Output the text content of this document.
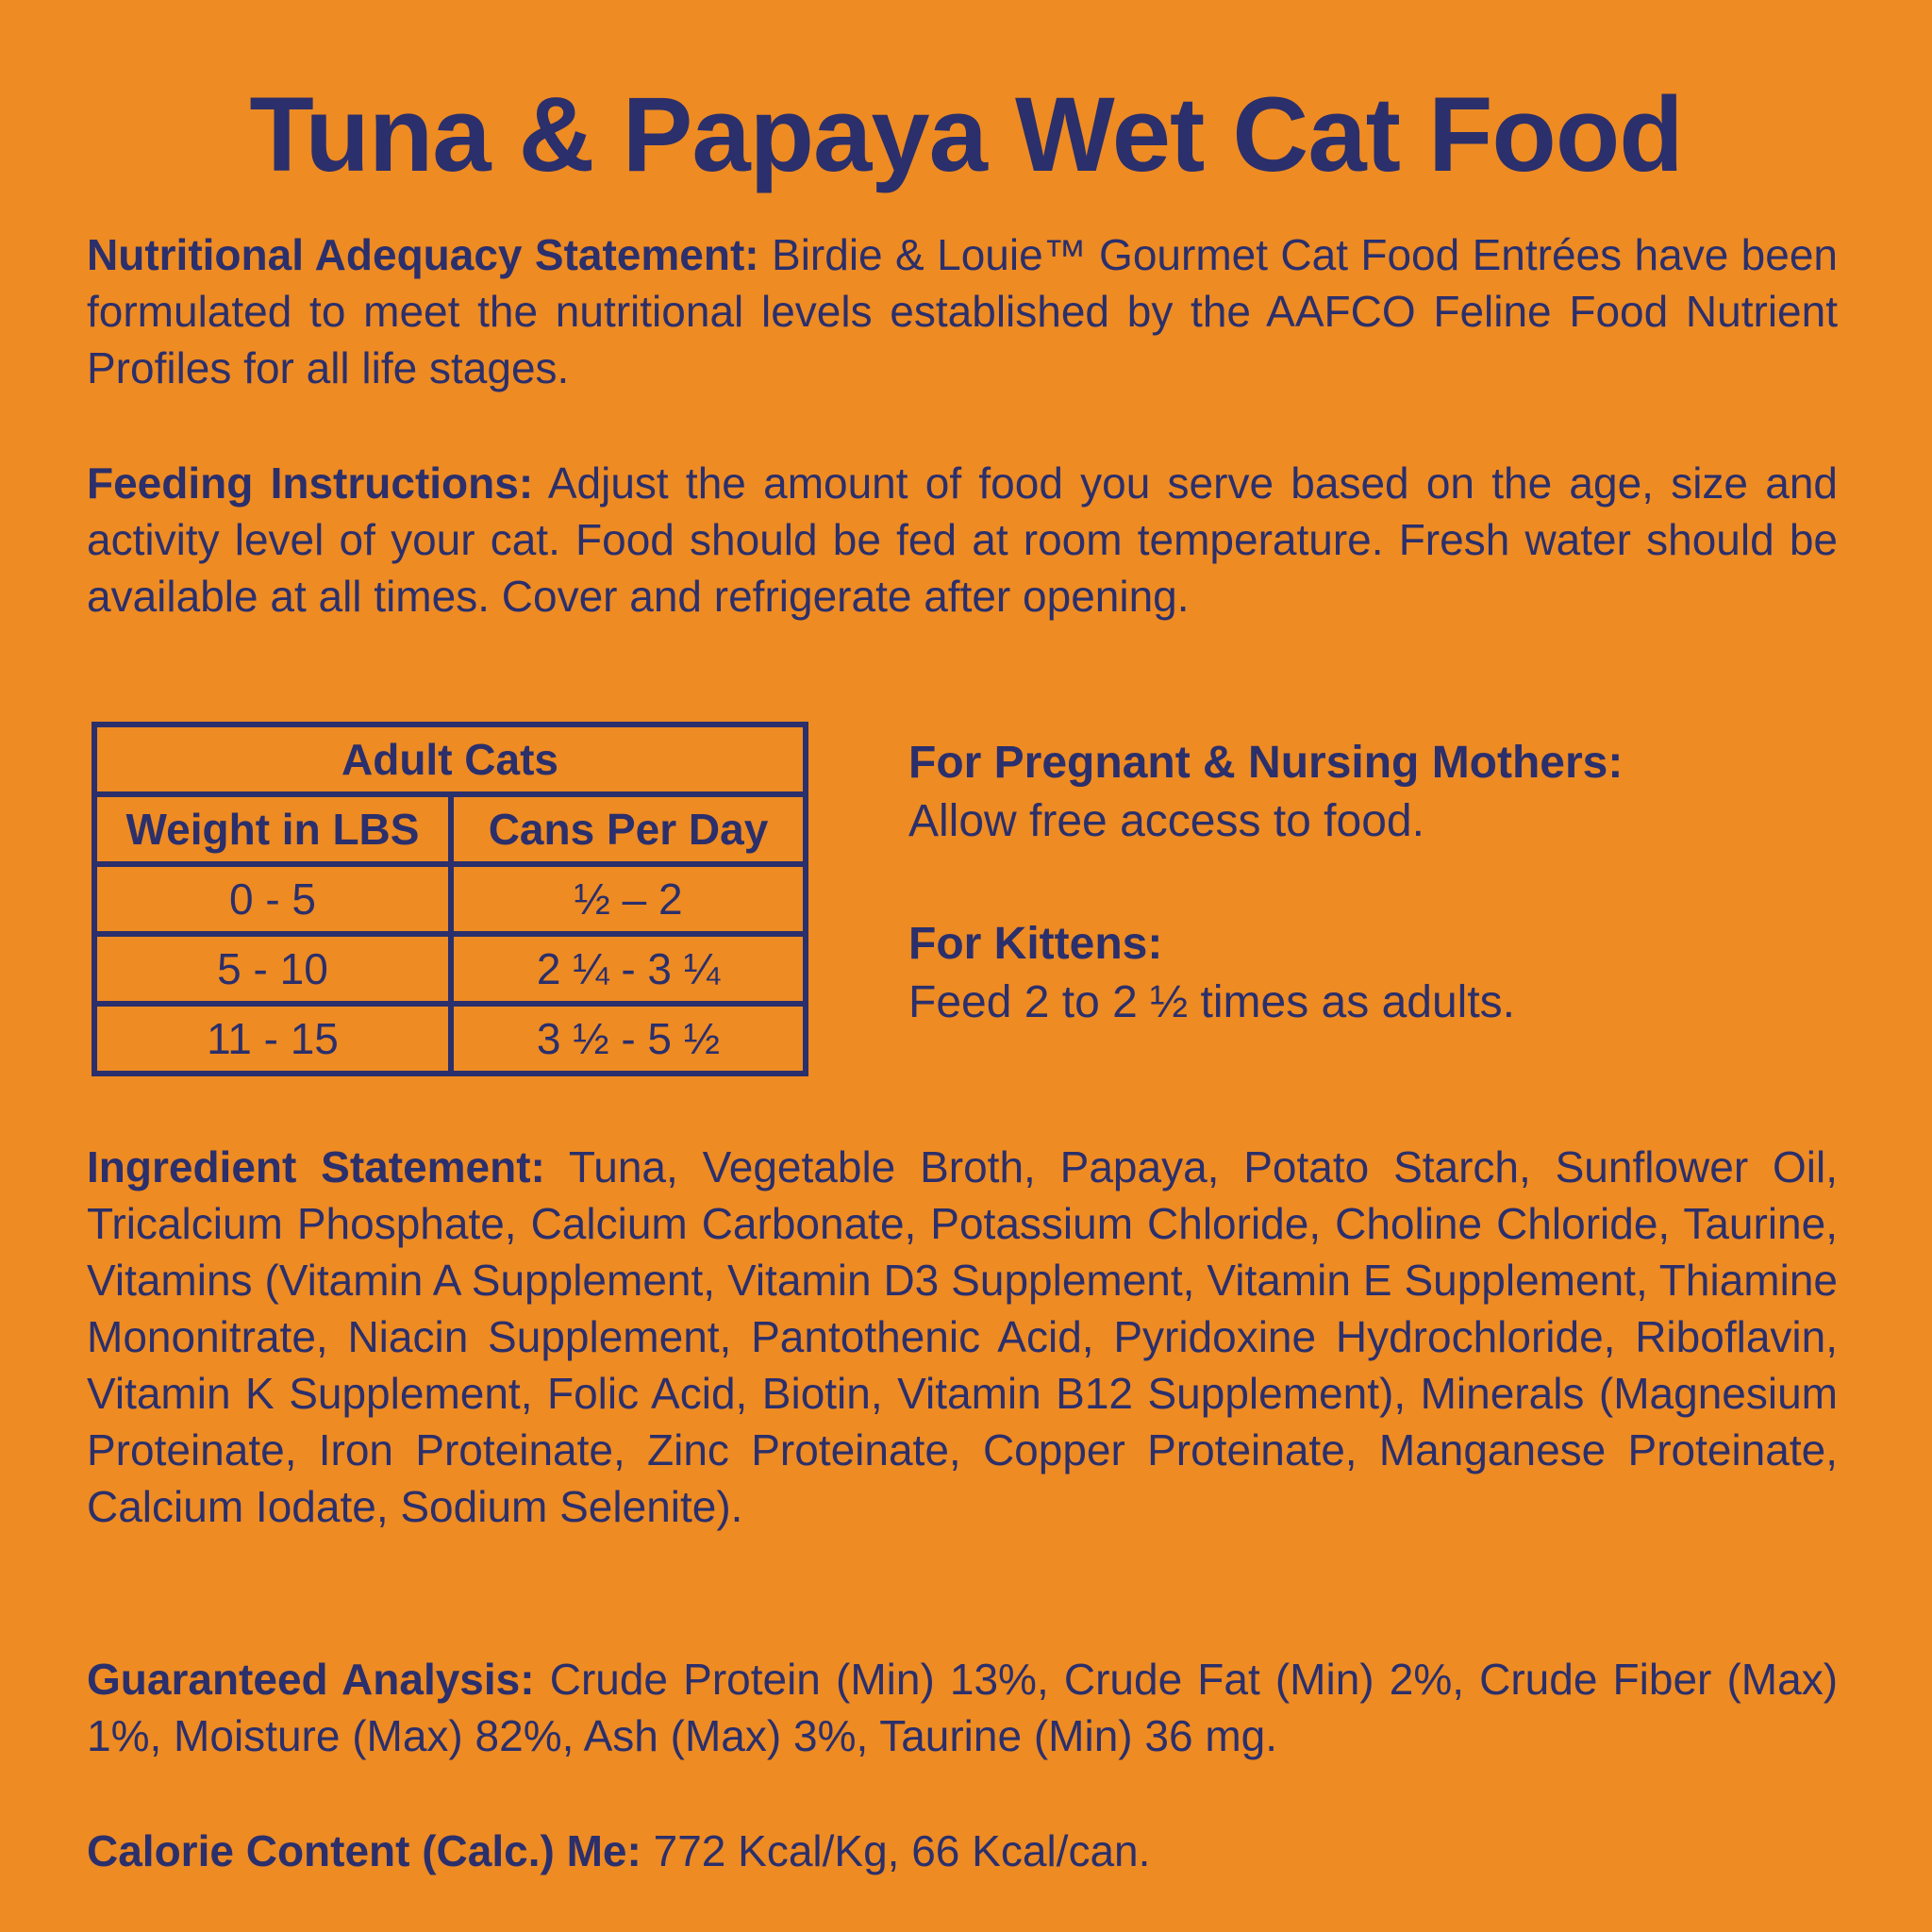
Tuna & Papaya Wet Cat Food

Nutritional Adequacy Statement: Birdie & Louie™ Gourmet Cat Food Entrées have been formulated to meet the nutritional levels established by the AAFCO Feline Food Nutrient Profiles for all life stages.

Feeding Instructions: Adjust the amount of food you serve based on the age, size and activity level of your cat. Food should be fed at room temperature. Fresh water should be available at all times. Cover and refrigerate after opening.

Adult Cats	
Weight in LBS	Cans Per Day
0 - 5	½ – 2
5 - 10	2 ¼ - 3 ¼
11 - 15	3 ½ - 5 ½
For Pregnant & Nursing Mothers:
Allow free access to food.
For Kittens:
Feed 2 to 2 ½ times as adults.

Ingredient Statement: Tuna, Vegetable Broth, Papaya, Potato Starch, Sunflower Oil, Tricalcium Phosphate, Calcium Carbonate, Potassium Chloride, Choline Chloride, Taurine, Vitamins (Vitamin A Supplement, Vitamin D3 Supplement, Vitamin E Supplement, Thiamine Mononitrate, Niacin Supplement, Pantothenic Acid, Pyridoxine Hydrochloride, Riboflavin, Vitamin K Supplement, Folic Acid, Biotin, Vitamin B12 Supplement), Minerals (Magnesium Proteinate, Iron Proteinate, Zinc Proteinate, Copper Proteinate, Manganese Proteinate, Calcium Iodate, Sodium Selenite).

Guaranteed Analysis: Crude Protein (Min) 13%, Crude Fat (Min) 2%, Crude Fiber (Max) 1%, Moisture (Max) 82%, Ash (Max) 3%, Taurine (Min) 36 mg.

Calorie Content (Calc.) Me: 772 Kcal/Kg, 66 Kcal/can.
